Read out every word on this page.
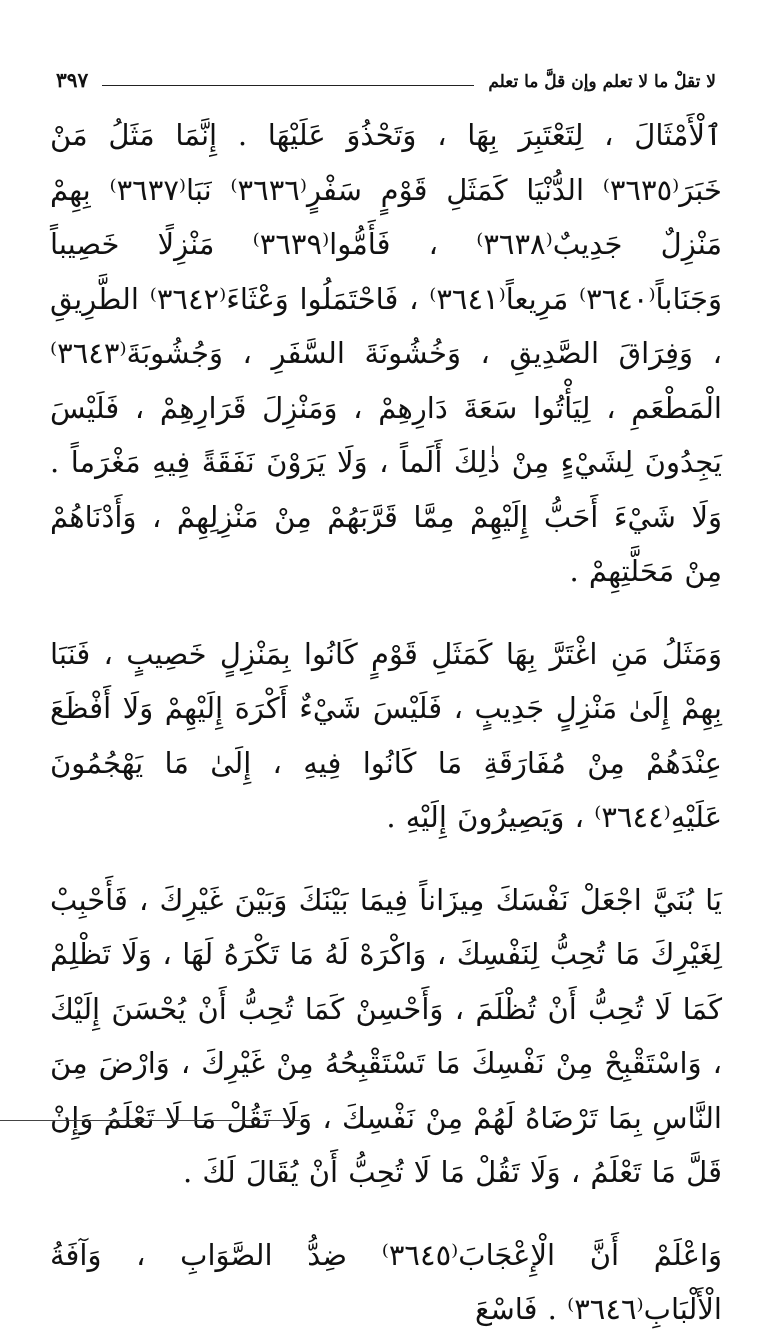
لا تقلْ ما لا تعلم وإن قلَّ ما تعلم
٣٩٧

ٱلْأَمْثَالَ ، لِتَعْتَبِرَ بِهَا ، وَتَحْذُوَ عَلَيْهَا . إِنَّمَا مَثَلُ مَنْ خَبَرَ⁽٣٦٣٥⁾ الدُّنْيَا كَمَثَلِ قَوْمٍ سَفْرٍ⁽٣٦٣٦⁾ نَبَا⁽٣٦٣٧⁾ بِهِمْ مَنْزِلٌ جَدِيبٌ⁽٣٦٣٨⁾ ، فَأَمُّوا⁽٣٦٣٩⁾ مَنْزِلًا خَصِيباً وَجَنَاباً⁽٣٦٤٠⁾ مَرِيعاً⁽٣٦٤١⁾ ، فَاحْتَمَلُوا وَعْثَاءَ⁽٣٦٤٢⁾ الطَّرِيقِ ، وَفِرَاقَ الصَّدِيقِ ، وَخُشُونَةَ السَّفَرِ ، وَجُشُوبَةَ⁽٣٦٤٣⁾ الْمَطْعَمِ ، لِيَأْتُوا سَعَةَ دَارِهِمْ ، وَمَنْزِلَ قَرَارِهِمْ ، فَلَيْسَ يَجِدُونَ لِشَيْءٍ مِنْ ذٰلِكَ أَلَماً ، وَلَا يَرَوْنَ نَفَقَةً فِيهِ مَغْرَماً . وَلَا شَيْءَ أَحَبُّ إِلَيْهِمْ مِمَّا قَرَّبَهُمْ مِنْ مَنْزِلِهِمْ ، وَأَدْنَاهُمْ مِنْ مَحَلَّتِهِمْ .

وَمَثَلُ مَنِ اغْتَرَّ بِهَا كَمَثَلِ قَوْمٍ كَانُوا بِمَنْزِلٍ خَصِيبٍ ، فَنَبَا بِهِمْ إِلَىٰ مَنْزِلٍ جَدِيبٍ ، فَلَيْسَ شَيْءٌ أَكْرَهَ إِلَيْهِمْ وَلَا أَفْظَعَ عِنْدَهُمْ مِنْ مُفَارَقَةِ مَا كَانُوا فِيهِ ، إِلَىٰ مَا يَهْجُمُونَ عَلَيْهِ⁽٣٦٤٤⁾ ، وَيَصِيرُونَ إِلَيْهِ .

يَا بُنَيَّ اجْعَلْ نَفْسَكَ مِيزَاناً فِيمَا بَيْنَكَ وَبَيْنَ غَيْرِكَ ، فَأَحْبِبْ لِغَيْرِكَ مَا تُحِبُّ لِنَفْسِكَ ، وَاكْرَهْ لَهُ مَا تَكْرَهُ لَهَا ، وَلَا تَظْلِمْ كَمَا لَا تُحِبُّ أَنْ تُظْلَمَ ، وَأَحْسِنْ كَمَا تُحِبُّ أَنْ يُحْسَنَ إِلَيْكَ ، وَاسْتَقْبِحْ مِنْ نَفْسِكَ مَا تَسْتَقْبِحُهُ مِنْ غَيْرِكَ ، وَارْضَ مِنَ النَّاسِ بِمَا تَرْضَاهُ لَهُمْ مِنْ نَفْسِكَ ، وَلَا تَقُلْ مَا لَا تَعْلَمُ وَإِنْ قَلَّ مَا تَعْلَمُ ، وَلَا تَقُلْ مَا لَا تُحِبُّ أَنْ يُقَالَ لَكَ .

وَاعْلَمْ أَنَّ الْإِعْجَابَ⁽٣٦٤٥⁾ ضِدُّ الصَّوَابِ ، وَآفَةُ الْأَلْبَابِ⁽٣٦٤٦⁾ . فَاسْعَ
